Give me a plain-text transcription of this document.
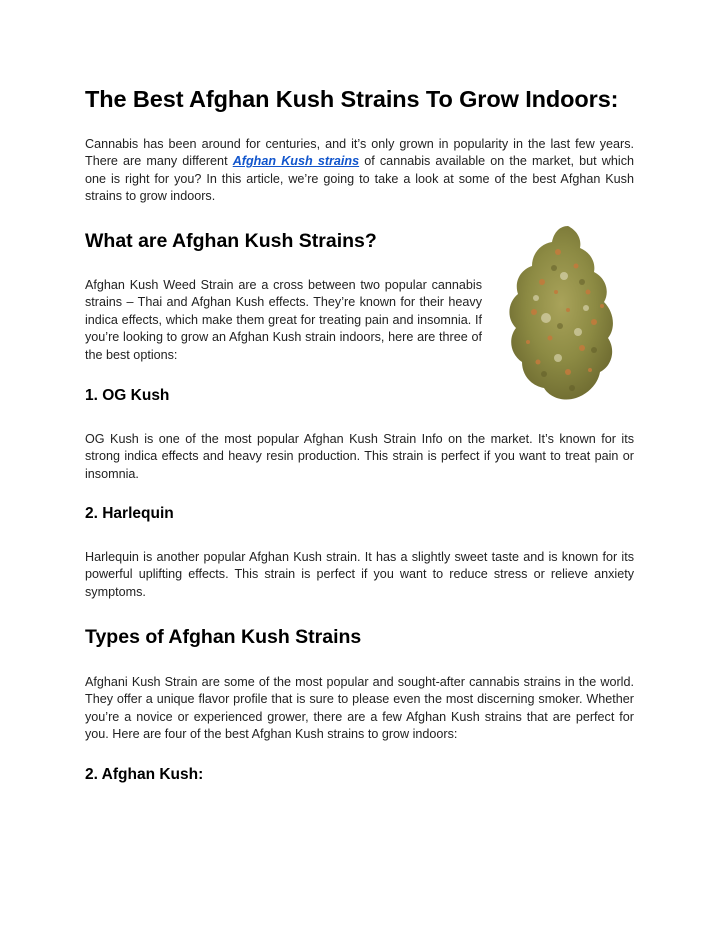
The Best Afghan Kush Strains To Grow Indoors:

Cannabis has been around for centuries, and it’s only grown in popularity in the last few years. There are many different Afghan Kush strains of cannabis available on the market, but which one is right for you? In this article, we’re going to take a look at some of the best Afghan Kush strains to grow indoors.

What are Afghan Kush Strains?

Afghan Kush Weed Strain are a cross between two popular cannabis strains – Thai and Afghan Kush effects. They’re known for their heavy indica effects, which make them great for treating pain and insomnia. If you’re looking to grow an Afghan Kush strain indoors, here are three of the best options:

1. OG Kush

OG Kush is one of the most popular Afghan Kush Strain Info on the market. It’s known for its strong indica effects and heavy resin production. This strain is perfect if you want to treat pain or insomnia.

2. Harlequin

Harlequin is another popular Afghan Kush strain. It has a slightly sweet taste and is known for its powerful uplifting effects. This strain is perfect if you want to reduce stress or relieve anxiety symptoms.

Types of Afghan Kush Strains

Afghani Kush Strain are some of the most popular and sought-after cannabis strains in the world. They offer a unique flavor profile that is sure to please even the most discerning smoker. Whether you’re a novice or experienced grower, there are a few Afghan Kush strains that are perfect for you. Here are four of the best Afghan Kush strains to grow indoors:

2. Afghan Kush:
